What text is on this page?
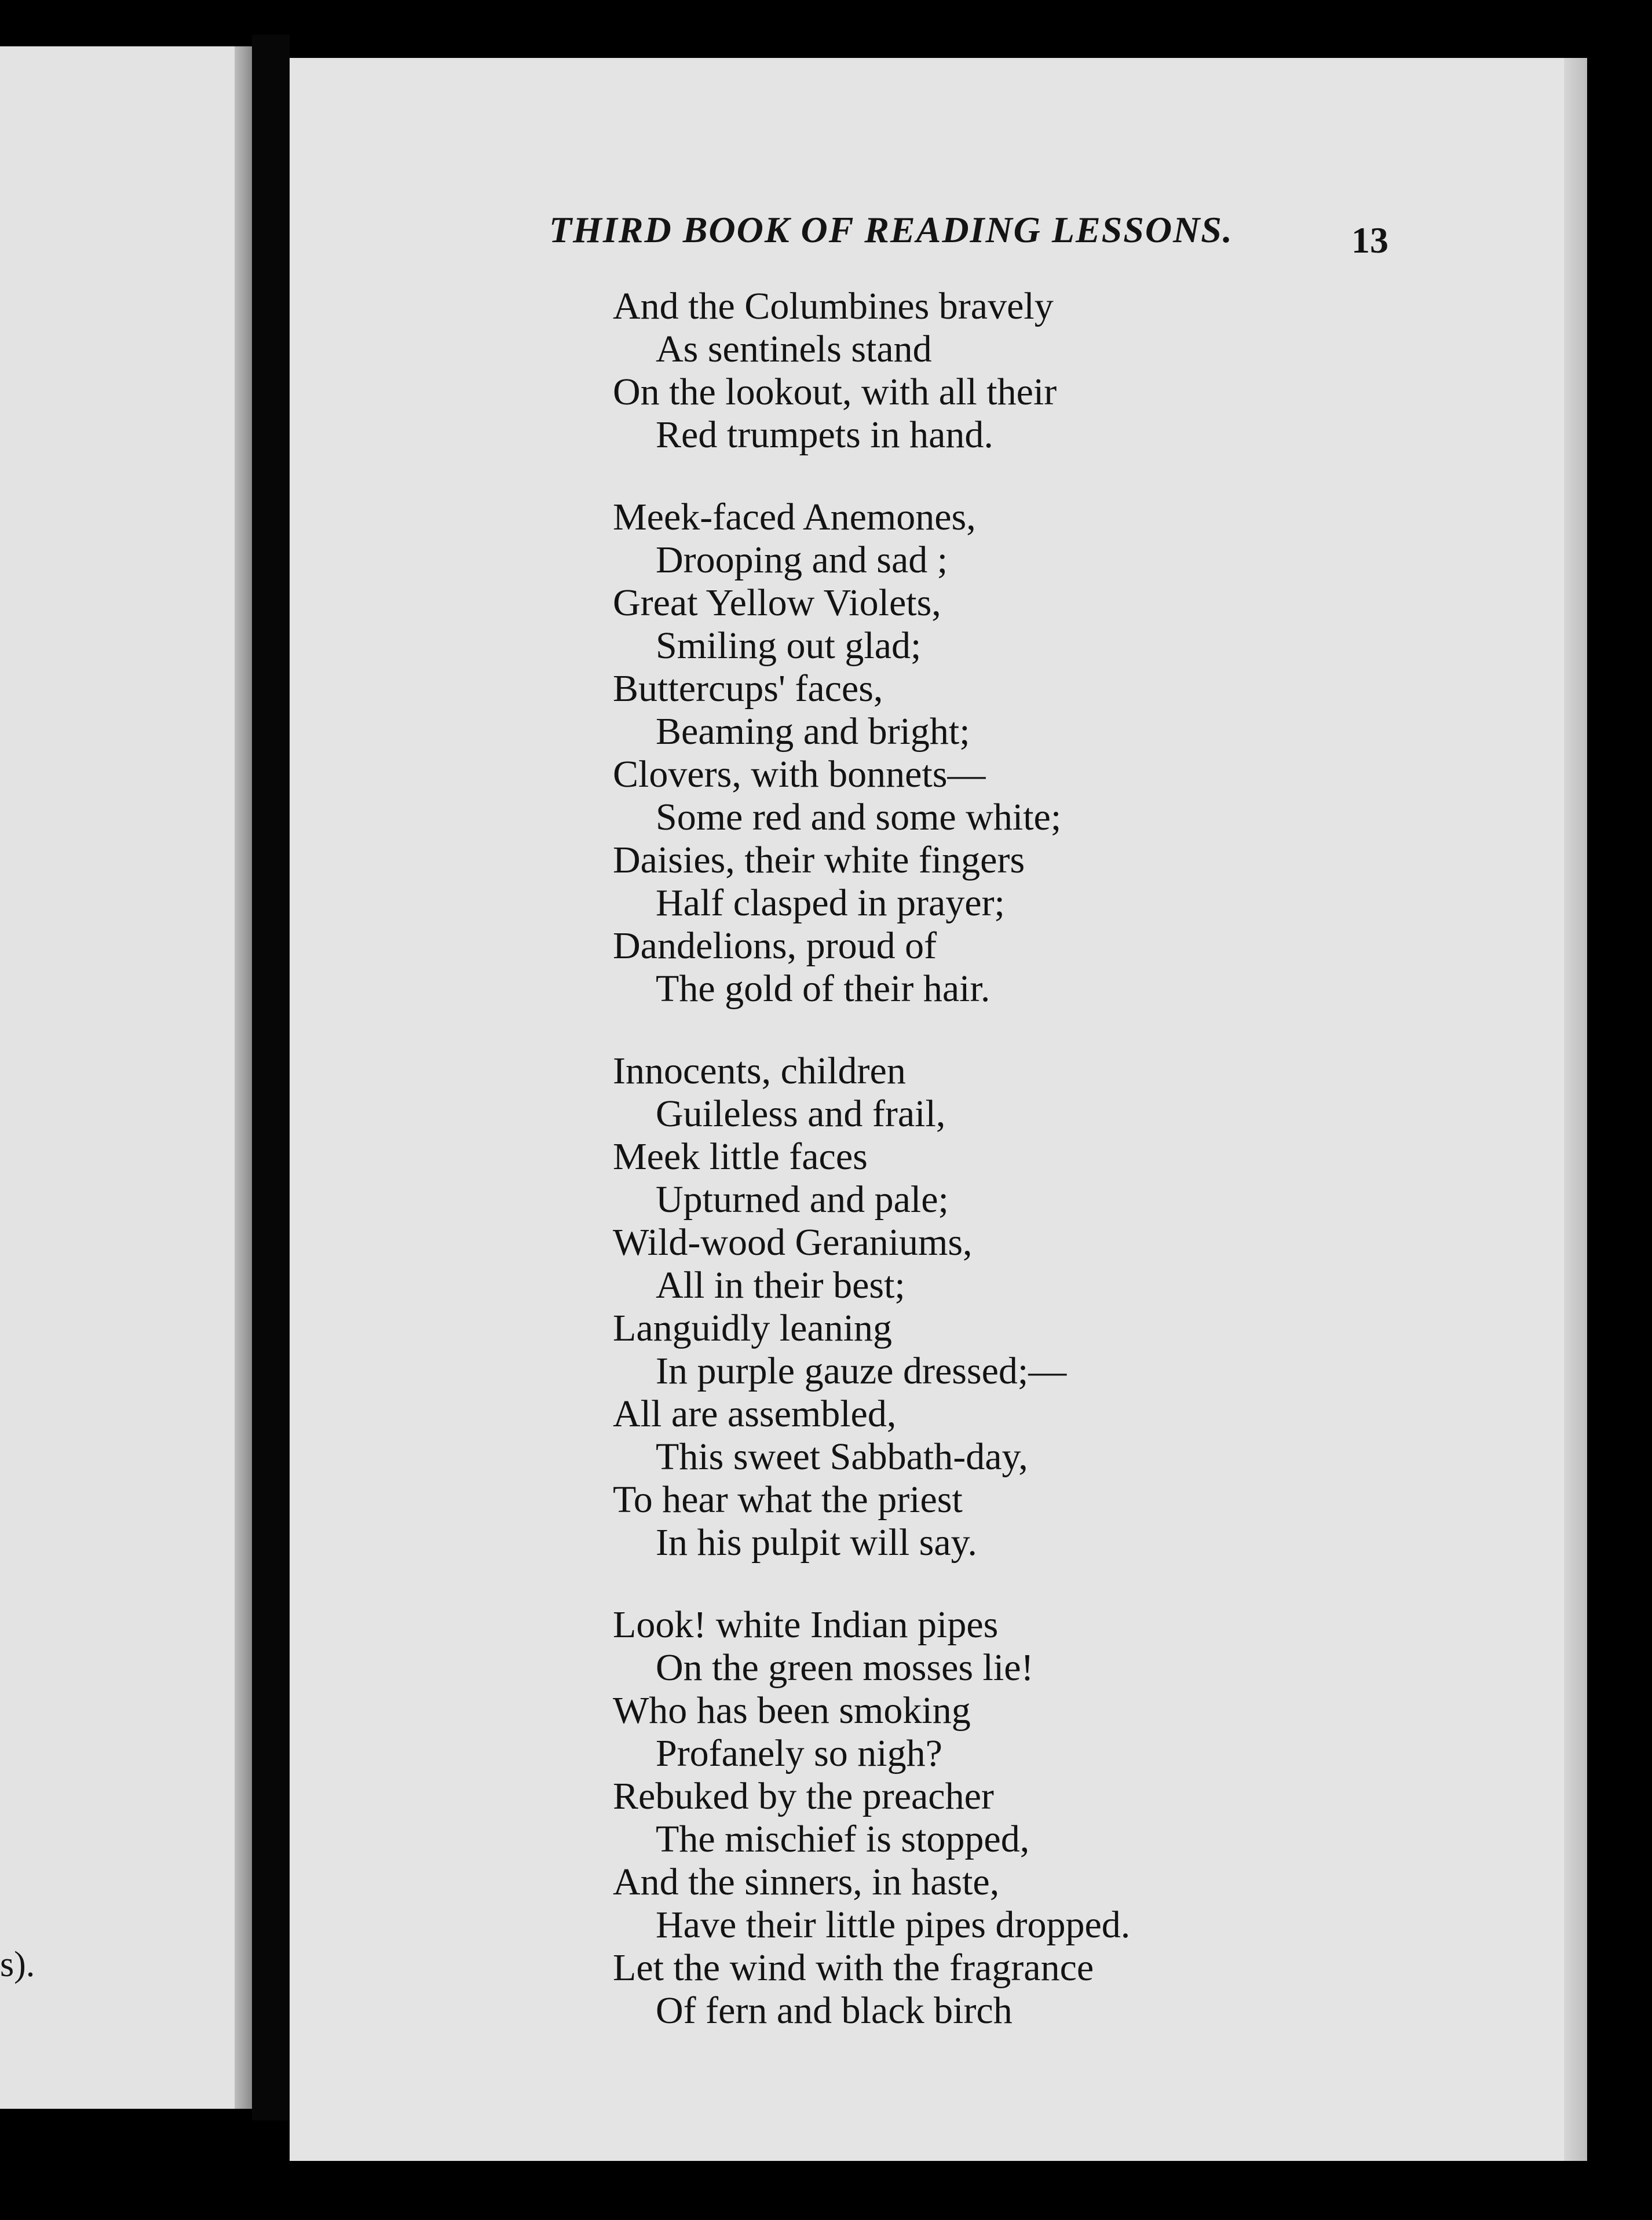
s).

THIRD BOOK OF READING LESSONS.	13

And the Columbines bravely
As sentinels stand
On the lookout, with all their
Red trumpets in hand.
Meek-faced Anemones,
Drooping and sad ;
Great Yellow Violets,
Smiling out glad;
Buttercups' faces,
Beaming and bright;
Clovers, with bonnets—
Some red and some white;
Daisies, their white fingers
Half clasped in prayer;
Dandelions, proud of
The gold of their hair.
Innocents, children
Guileless and frail,
Meek little faces
Upturned and pale;
Wild-wood Geraniums,
All in their best;
Languidly leaning
In purple gauze dressed;—
All are assembled,
This sweet Sabbath-day,
To hear what the priest
In his pulpit will say.
Look! white Indian pipes
On the green mosses lie!
Who has been smoking
Profanely so nigh?
Rebuked by the preacher
The mischief is stopped,
And the sinners, in haste,
Have their little pipes dropped.
Let the wind with the fragrance
Of fern and black birch
